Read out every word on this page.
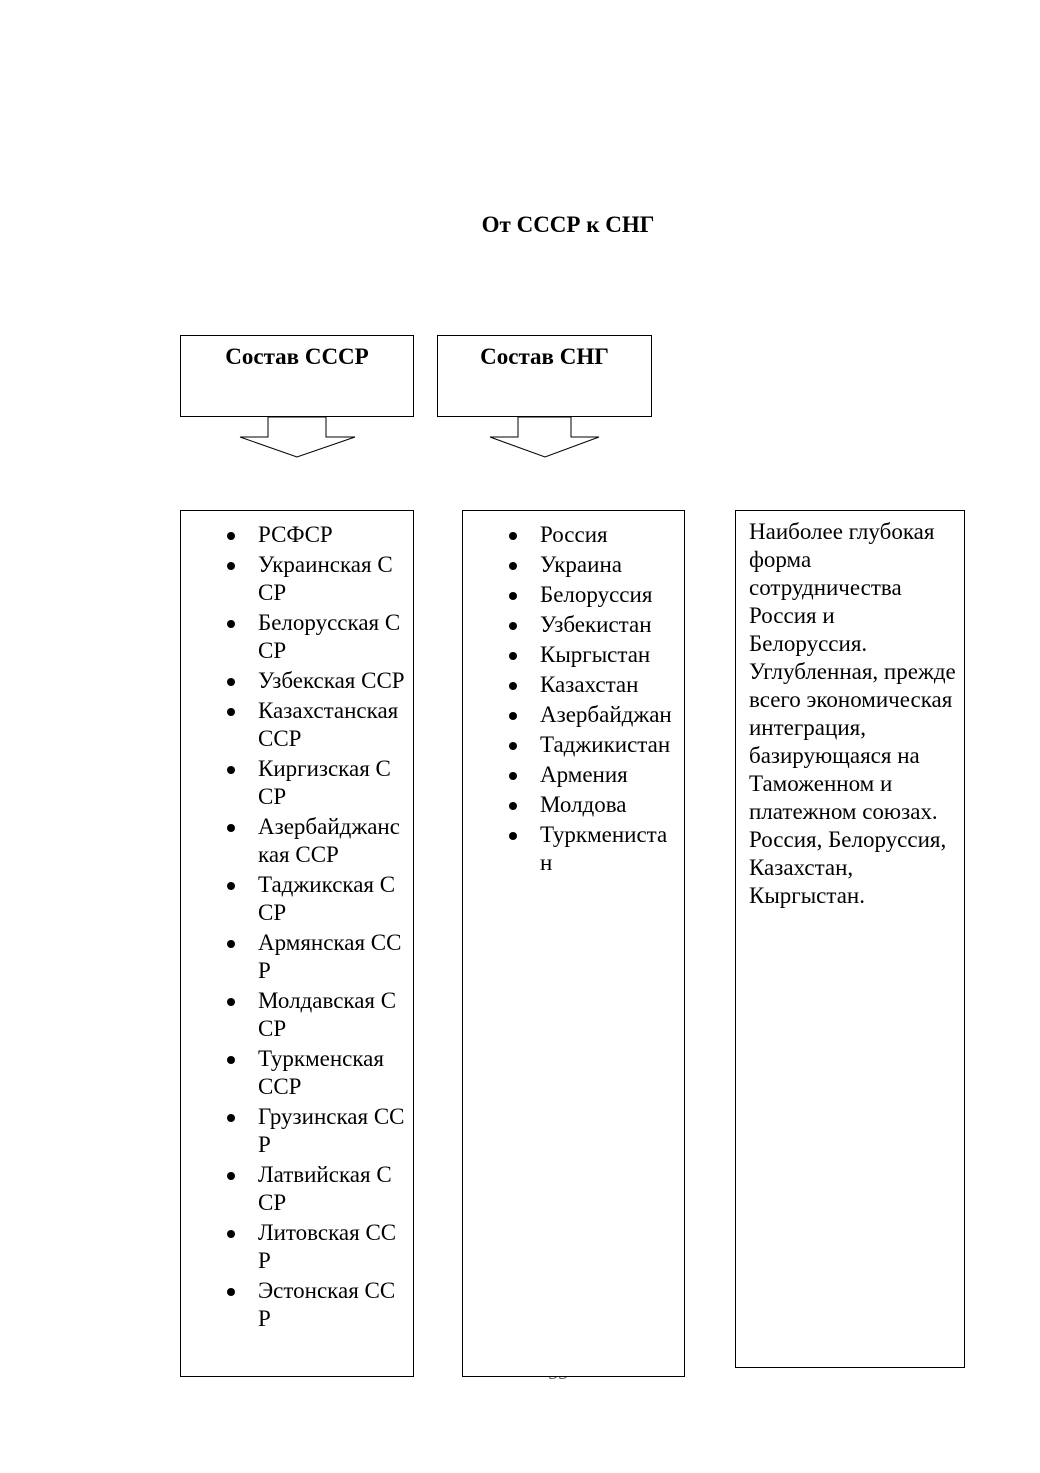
От СССР к СНГ
Состав СССР	Состав СНГ
РСФСР
Украинская ССР
Белорусская ССР
Узбекская ССР
Казахстанская ССР
Киргизская ССР
Азербайджанская ССР
Таджикская ССР
Армянская ССР
Молдавская ССР
Туркменская ССР
Грузинская ССР
Латвийская ССР
Литовская ССР
Эстонская ССР
Россия
Украина
Белоруссия
Узбекистан
Кыргыстан
Казахстан
Азербайджан
Таджикистан
Армения
Молдова
Туркменистан
Наиболее глубокая форма сотрудничества Россия и Белоруссия. Углубленная, прежде всего экономическая интеграция, базирующаяся на Таможенном и платежном союзах. Россия, Белоруссия, Казахстан, Кыргыстан.
